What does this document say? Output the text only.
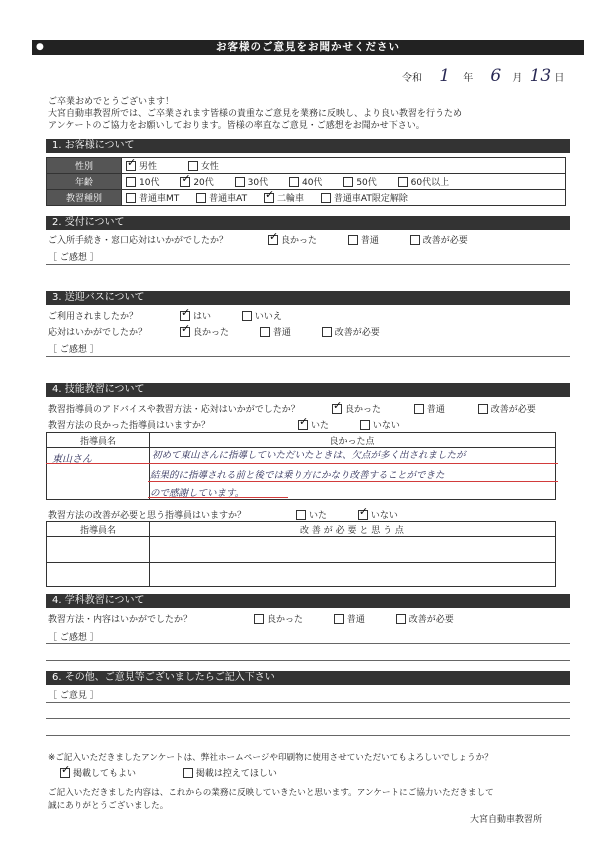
●	お客様のご意見をお聞かせください
令和 1 年 6 月 13 日
ご卒業おめでとうございます！
大宮自動車教習所では、ご卒業されます皆様の貴重なご意見を業務に反映し、より良い教習を行うため
アンケートのご協力をお願いしております。皆様の率直なご意見・ご感想をお聞かせ下さい。
1. お客様について
性別	✓男性 女性
年齢	10代 ✓ 20代 30代 40代 50代 60代以上
教習種別	普通車MT 普通車AT ✓ 二輪車 普通車AT限定解除
2. 受付について
ご入所手続き・窓口応対はいかがでしたか？ ✓	良かった	普通	改善が必要
［ ご感想 ］
3. 送迎バスについて
ご利用されましたか？ ✓	はい	いいえ
応対はいかがでしたか？ ✓	良かった	普通	改善が必要
［ ご感想 ］
4. 技能教習について
教習指導員のアドバイスや教習方法・応対はいかがでしたか？ ✓	良かった	普通	改善が必要
教習方法の良かった指導員はいますか？ ✓	いた	いない
指導員名	良かった点
東山さん	初めて東山さんに指導していただいたときは、欠点が多く出されましたが
結果的に指導される前と後では乗り方にかなり改善することができた
ので感謝しています。
教習方法の改善が必要と思う指導員はいますか？	いた ✓	いない
指導員名	改 善 が 必 要 と 思 う 点
4. 学科教習について
教習方法・内容はいかがでしたか？	良かった	普通	改善が必要
［ ご感想 ］
6. その他、ご意見等ございましたらご記入下さい
［ ご意見 ］
※ご記入いただきましたアンケートは、弊社ホームページや印刷物に使用させていただいてもよろしいでしょうか？
✓掲載してもよい	掲載は控えてほしい
ご記入いただきました内容は、これからの業務に反映していきたいと思います。アンケートにご協力いただきまして
誠にありがとうございました。
大宮自動車教習所
